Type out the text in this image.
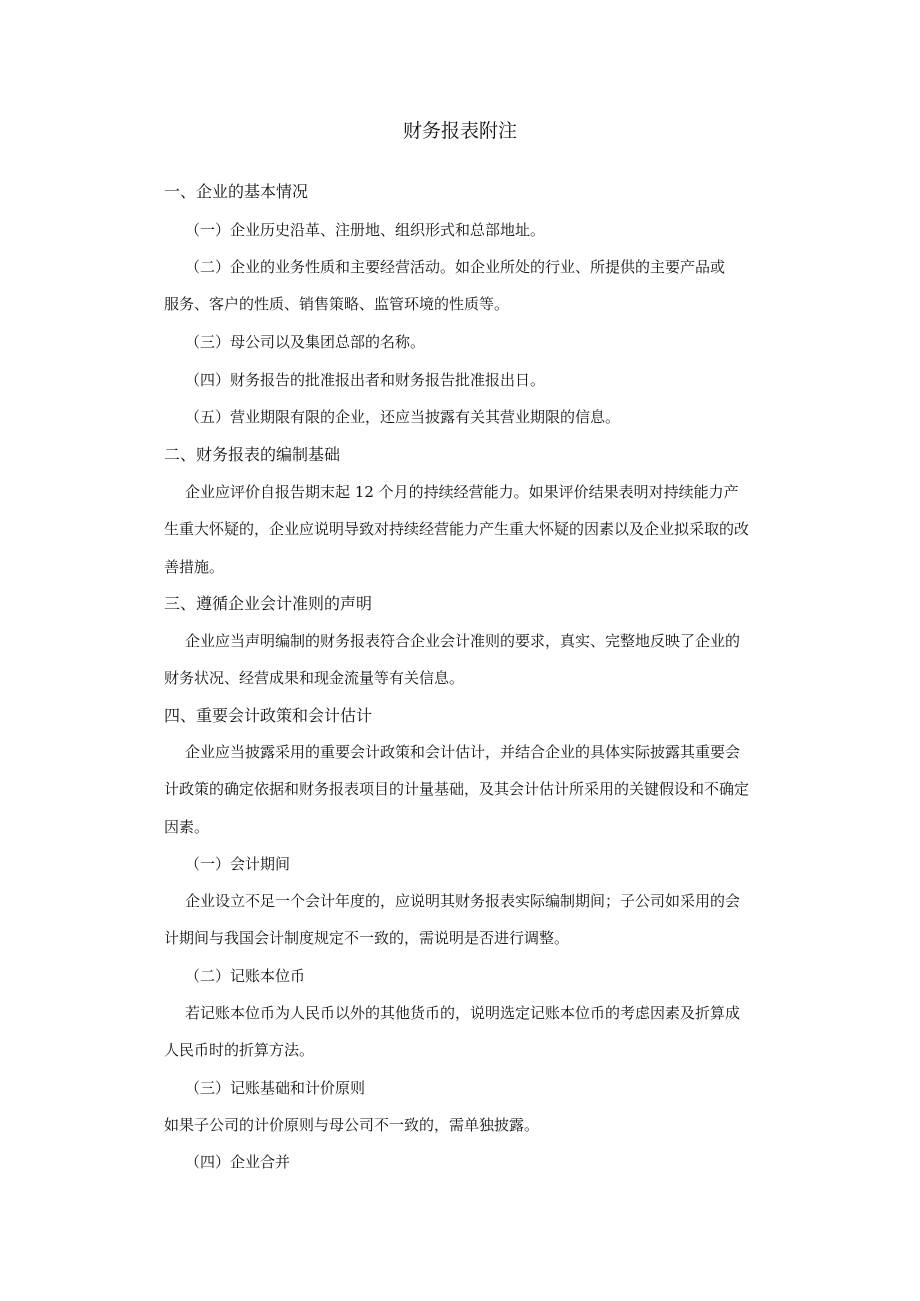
财务报表附注
一、企业的基本情况
（一）企业历史沿革、注册地、组织形式和总部地址。
（二）企业的业务性质和主要经营活动。如企业所处的行业、所提供的主要产品或
服务、客户的性质、销售策略、监管环境的性质等。
（三）母公司以及集团总部的名称。
（四）财务报告的批准报出者和财务报告批准报出日。
（五）营业期限有限的企业，还应当披露有关其营业期限的信息。
二、财务报表的编制基础
企业应评价自报告期末起 12 个月的持续经营能力。如果评价结果表明对持续能力产
生重大怀疑的，企业应说明导致对持续经营能力产生重大怀疑的因素以及企业拟采取的改
善措施。
三、遵循企业会计准则的声明
企业应当声明编制的财务报表符合企业会计准则的要求，真实、完整地反映了企业的
财务状况、经营成果和现金流量等有关信息。
四、重要会计政策和会计估计
企业应当披露采用的重要会计政策和会计估计，并结合企业的具体实际披露其重要会
计政策的确定依据和财务报表项目的计量基础，及其会计估计所采用的关键假设和不确定
因素。
（一）会计期间
企业设立不足一个会计年度的，应说明其财务报表实际编制期间；子公司如采用的会
计期间与我国会计制度规定不一致的，需说明是否进行调整。
（二）记账本位币
若记账本位币为人民币以外的其他货币的，说明选定记账本位币的考虑因素及折算成
人民币时的折算方法。
（三）记账基础和计价原则
如果子公司的计价原则与母公司不一致的，需单独披露。
（四）企业合并
